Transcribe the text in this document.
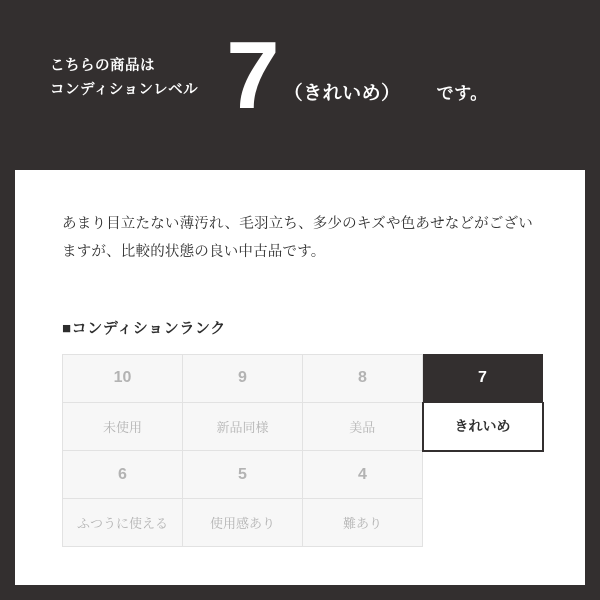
こちらの商品は
コンディションレベル 7 （きれいめ） です。
あまり目立たない薄汚れ、毛羽立ち、多少のキズや色あせなどがございますが、比較的状態の良い中古品です。
■コンディションランク
10	9	8	7
未使用	新品同様	美品	きれいめ
6	5	4	
ふつうに使える	使用感あり	難あり	
